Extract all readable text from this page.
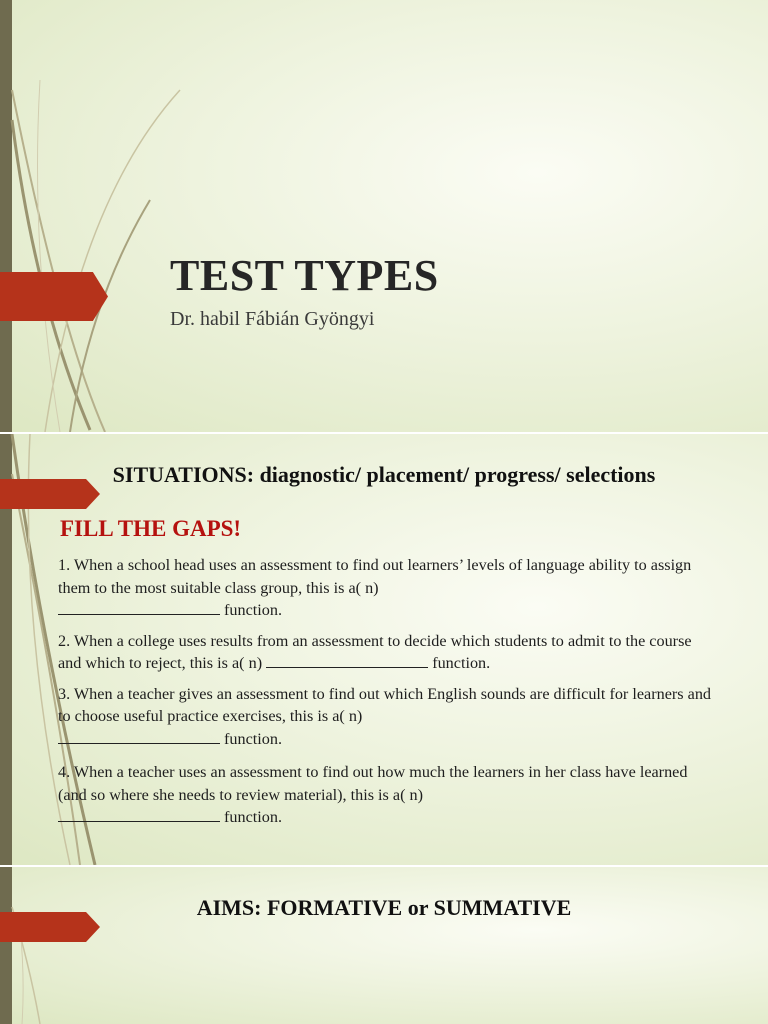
TEST TYPES
Dr. habil Fábián Gyöngyi
SITUATIONS: diagnostic/ placement/ progress/ selections
FILL THE GAPS!
1. When a school head uses an assessment to find out learners’ levels of language ability to assign them to the most suitable class group, this is a( n)
function.
2. When a college uses results from an assessment to decide which students to admit to the course and which to reject, this is a( n)	function.
3. When a teacher gives an assessment to find out which English sounds are difficult for learners and to choose useful practice exercises, this is a( n)
function.
4. When a teacher uses an assessment to find out how much the learners in her class have learned (and so where she needs to review material), this is a( n)
function.
AIMS: FORMATIVE or SUMMATIVE
